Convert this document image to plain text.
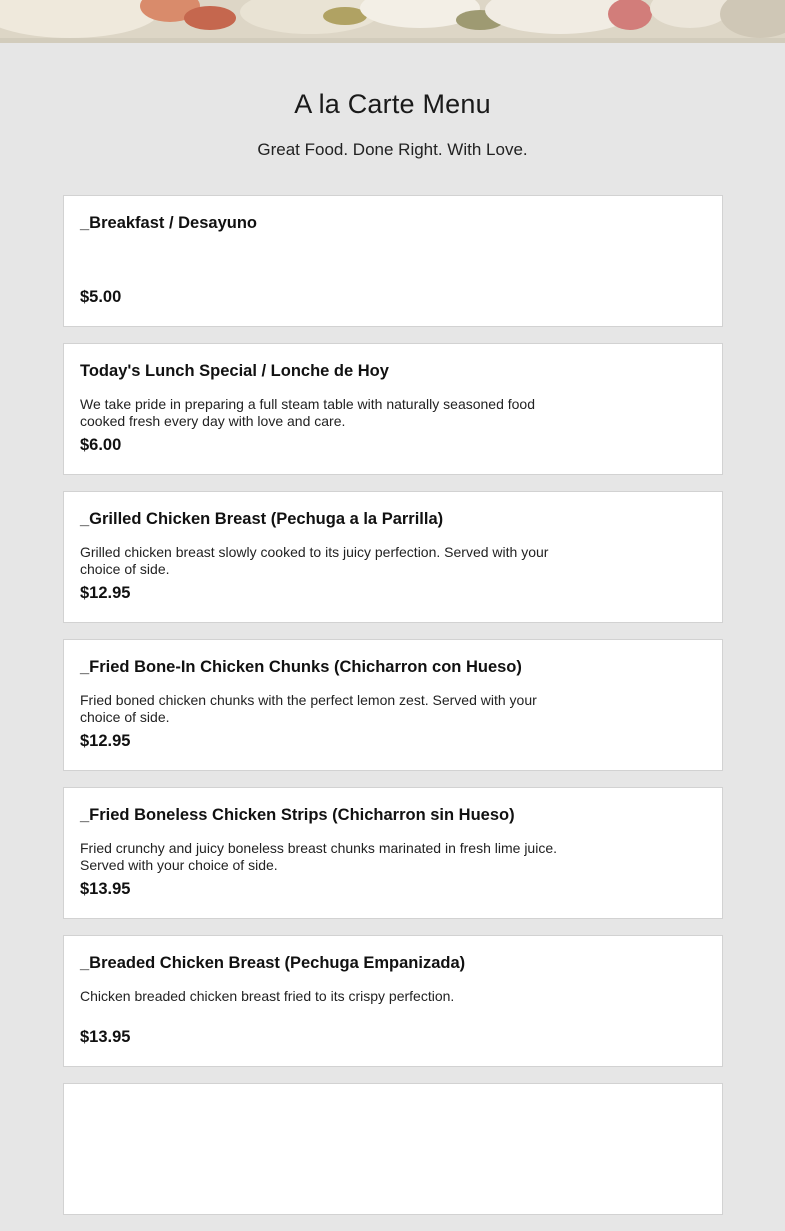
A la Carte Menu
Great Food. Done Right. With Love.
_Breakfast / Desayuno
$5.00
Today's Lunch Special / Lonche de Hoy
We take pride in preparing a full steam table with naturally seasoned food cooked fresh every day with love and care.
$6.00
_Grilled Chicken Breast (Pechuga a la Parrilla)
Grilled chicken breast slowly cooked to its juicy perfection. Served with your choice of side.
$12.95
_Fried Bone-In Chicken Chunks (Chicharron con Hueso)
Fried boned chicken chunks with the perfect lemon zest. Served with your choice of side.
$12.95
_Fried Boneless Chicken Strips (Chicharron sin Hueso)
Fried crunchy and juicy boneless breast chunks marinated in fresh lime juice. Served with your choice of side.
$13.95
_Breaded Chicken Breast (Pechuga Empanizada)
Chicken breaded chicken breast fried to its crispy perfection.
$13.95
